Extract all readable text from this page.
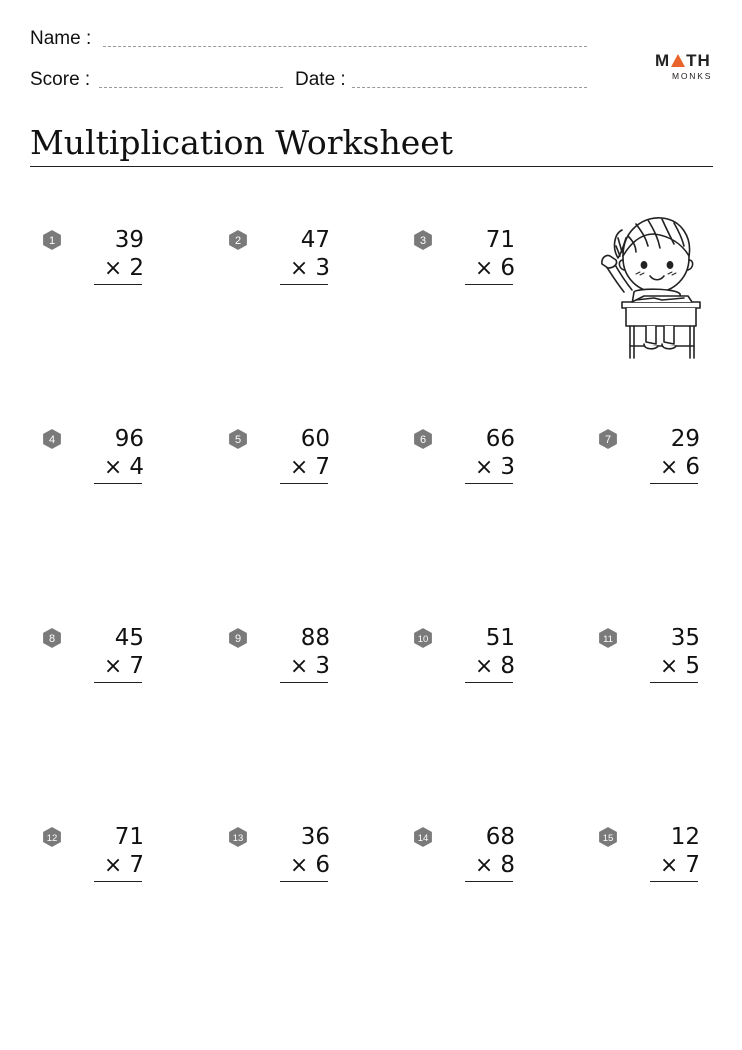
Name :
Score :	Date :
M TH
MONKS
Multiplication Worksheet
1	39
× 2
2	47
× 3
3	71
× 6
4	96
× 4
5	60
× 7
6	66
× 3
7	29
× 6
8	45
× 7
9	88
× 3
10	51
× 8
11	35
× 5
12	71
× 7
13	36
× 6
14	68
× 8
15	12
× 7
